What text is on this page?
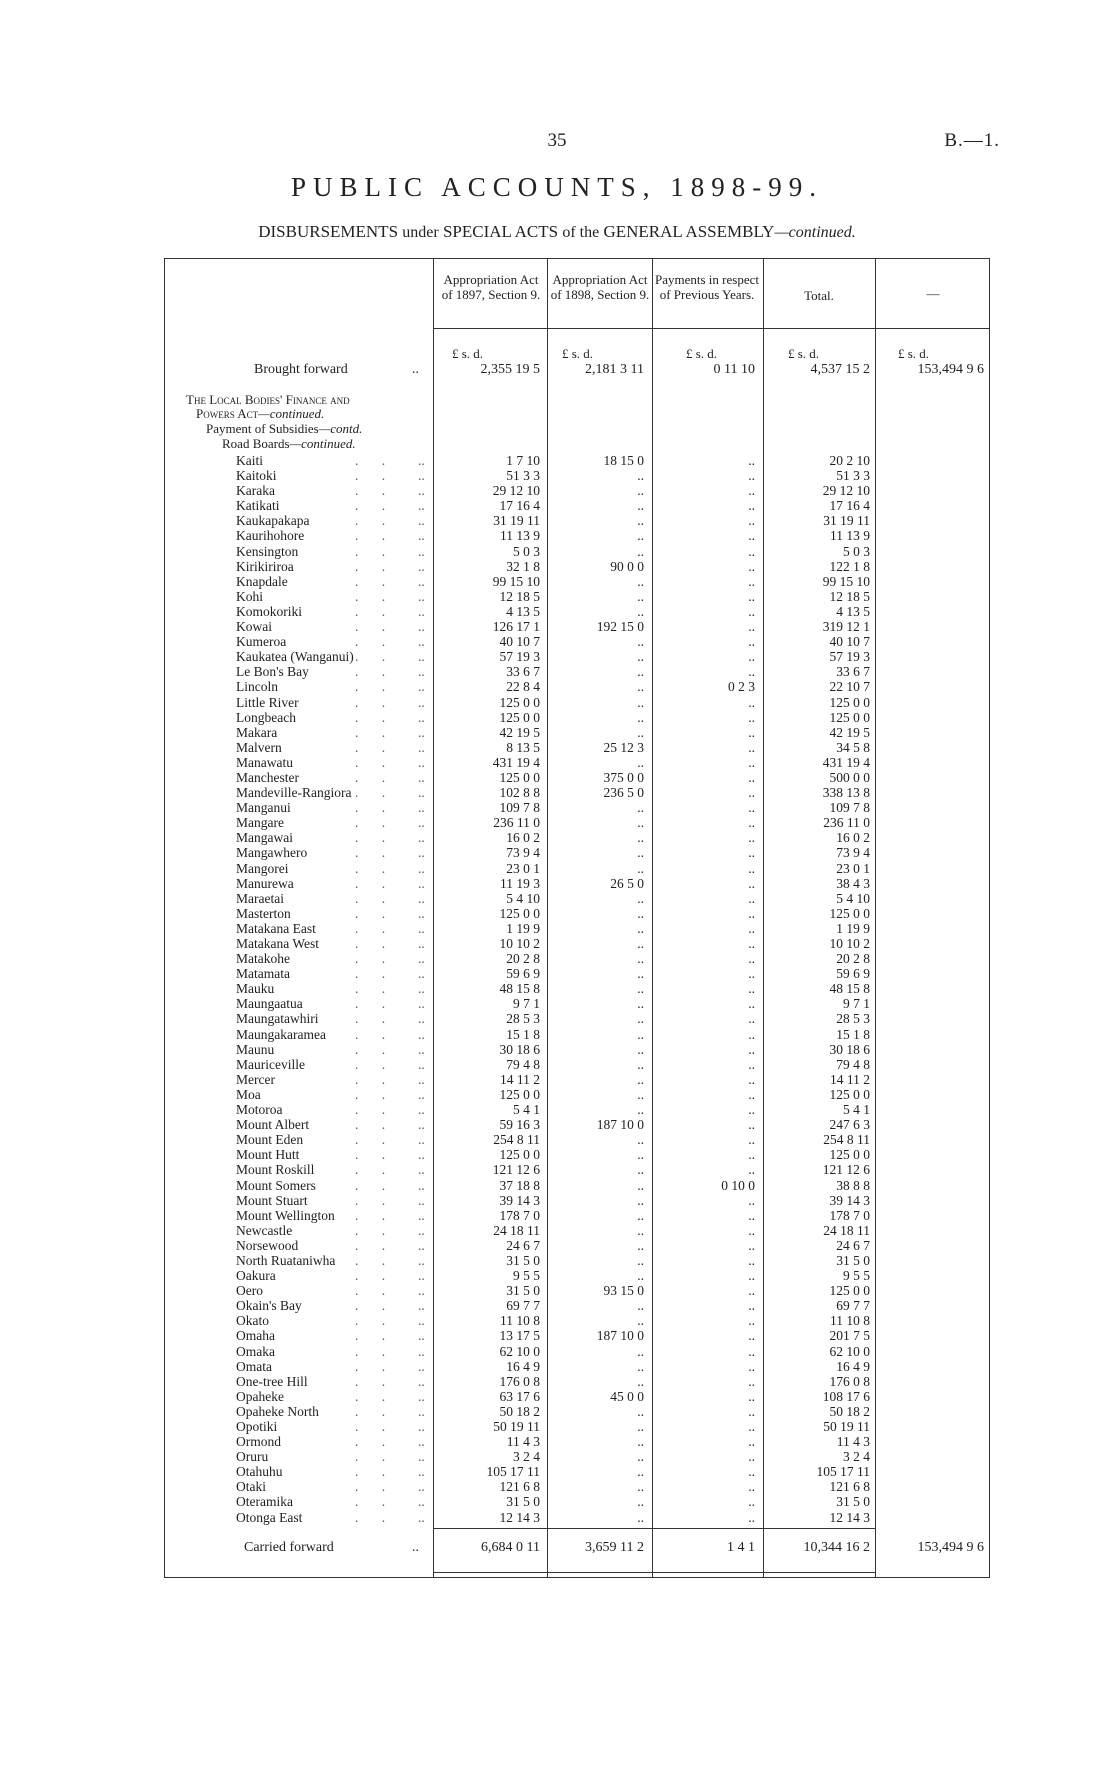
35	B.—1.
PUBLIC ACCOUNTS, 1898-99.
DISBURSEMENTS under SPECIAL ACTS of the GENERAL ASSEMBLY—continued.
Appropriation Act of 1897, Section 9.
Appropriation Act of 1898, Section 9.
Payments in respect of Previous Years.	Total.	—
£ s. d.	£ s. d.	£ s. d.	£ s. d.	£ s. d.
Brought forward	..	2,355 19 5	2,181 3 11	0 11 10	4,537 15 2	153,494 9 6
The Local Bodies' Finance and
Powers Act—continued.
Payment of Subsidies—contd.
Road Boards—continued.
Kaiti	. . ..	1 7 10	18 15 0	..	20 2 10
Kaitoki	. . ..	51 3 3	..	..	51 3 3
Karaka	. . ..	29 12 10	..	..	29 12 10
Katikati	. . ..	17 16 4	..	..	17 16 4
Kaukapakapa	. . ..	31 19 11	..	..	31 19 11
Kaurihohore	. . ..	11 13 9	..	..	11 13 9
Kensington	. . ..	5 0 3	..	..	5 0 3
Kirikiriroa	. . ..	32 1 8	90 0 0	..	122 1 8
Knapdale	. . ..	99 15 10	..	..	99 15 10
Kohi	. . ..	12 18 5	..	..	12 18 5
Komokoriki	. . ..	4 13 5	..	..	4 13 5
Kowai	. . ..	126 17 1	192 15 0	..	319 12 1
Kumeroa	. . ..	40 10 7	..	..	40 10 7
Kaukatea (Wanganui) . . ..	57 19 3	..	..	57 19 3
Le Bon's Bay	. . ..	33 6 7	..	..	33 6 7
Lincoln	. . ..	22 8 4	..	0 2 3	22 10 7
Little River	. . ..	125 0 0	..	..	125 0 0
Longbeach	. . ..	125 0 0	..	..	125 0 0
Makara	. . ..	42 19 5	..	..	42 19 5
Malvern	. . ..	8 13 5	25 12 3	..	34 5 8
Manawatu	. . ..	431 19 4	..	..	431 19 4
Manchester	. . ..	125 0 0	375 0 0	..	500 0 0
Mandeville-Rangiora . . ..	102 8 8	236 5 0	..	338 13 8
Manganui	. . ..	109 7 8	..	..	109 7 8
Mangare	. . ..	236 11 0	..	..	236 11 0
Mangawai	. . ..	16 0 2	..	..	16 0 2
Mangawhero	. . ..	73 9 4	..	..	73 9 4
Mangorei	. . ..	23 0 1	..	..	23 0 1
Manurewa	. . ..	11 19 3	26 5 0	..	38 4 3
Maraetai	. . ..	5 4 10	..	..	5 4 10
Masterton	. . ..	125 0 0	..	..	125 0 0
Matakana East	. . ..	1 19 9	..	..	1 19 9
Matakana West	. . ..	10 10 2	..	..	10 10 2
Matakohe	. . ..	20 2 8	..	..	20 2 8
Matamata	. . ..	59 6 9	..	..	59 6 9
Mauku	. . ..	48 15 8	..	..	48 15 8
Maungaatua	. . ..	9 7 1	..	..	9 7 1
Maungatawhiri	. . ..	28 5 3	..	..	28 5 3
Maungakaramea . . ..	15 1 8	..	..	15 1 8
Maunu	. . ..	30 18 6	..	..	30 18 6
Mauriceville	. . ..	79 4 8	..	..	79 4 8
Mercer	. . ..	14 11 2	..	..	14 11 2
Moa	. . ..	125 0 0	..	..	125 0 0
Motoroa	. . ..	5 4 1	..	..	5 4 1
Mount Albert	. . ..	59 16 3	187 10 0	..	247 6 3
Mount Eden	. . ..	254 8 11	..	..	254 8 11
Mount Hutt	. . ..	125 0 0	..	..	125 0 0
Mount Roskill	. . ..	121 12 6	..	..	121 12 6
Mount Somers	. . ..	37 18 8	..	0 10 0	38 8 8
Mount Stuart	. . ..	39 14 3	..	..	39 14 3
Mount Wellington . . ..	178 7 0	..	..	178 7 0
Newcastle	. . ..	24 18 11	..	..	24 18 11
Norsewood	. . ..	24 6 7	..	..	24 6 7
North Ruataniwha . . ..	31 5 0	..	..	31 5 0
Oakura	. . ..	9 5 5	..	..	9 5 5
Oero	. . ..	31 5 0	93 15 0	..	125 0 0
Okain's Bay	. . ..	69 7 7	..	..	69 7 7
Okato	. . ..	11 10 8	..	..	11 10 8
Omaha	. . ..	13 17 5	187 10 0	..	201 7 5
Omaka	. . ..	62 10 0	..	..	62 10 0
Omata	. . ..	16 4 9	..	..	16 4 9
One-tree Hill	. . ..	176 0 8	..	..	176 0 8
Opaheke	. . ..	63 17 6	45 0 0	..	108 17 6
Opaheke North	. . ..	50 18 2	..	..	50 18 2
Opotiki	. . ..	50 19 11	..	..	50 19 11
Ormond	. . ..	11 4 3	..	..	11 4 3
Oruru	. . ..	3 2 4	..	..	3 2 4
Otahuhu	. . ..	105 17 11	..	..	105 17 11
Otaki	. . ..	121 6 8	..	..	121 6 8
Oteramika	. . ..	31 5 0	..	..	31 5 0
Otonga East	. . ..	12 14 3	..	..	12 14 3
Carried forward	..	6,684 0 11	3,659 11 2	1 4 1	10,344 16 2	153,494 9 6
